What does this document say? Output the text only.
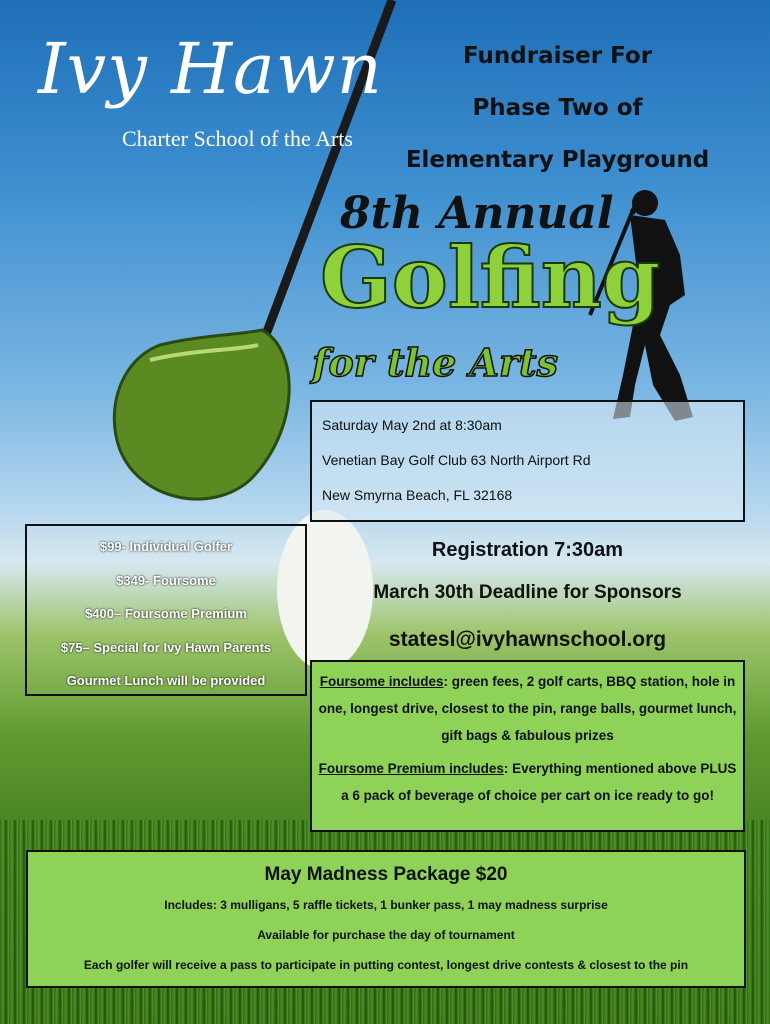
Ivy Hawn
Charter School of the Arts
Fundraiser For
Phase Two of
Elementary Playground
8th Annual
Golfing
for the Arts
Saturday May 2nd at 8:30am
Venetian Bay Golf Club 63 North Airport Rd
New Smyrna Beach, FL 32168
$99- Individual Golfer
$349- Foursome
$400– Foursome Premium
$75– Special for Ivy Hawn Parents
Gourmet Lunch will be provided
Registration 7:30am
March 30th Deadline for Sponsors
statesl@ivyhawnschool.org

Foursome includes: green fees, 2 golf carts, BBQ station, hole in one, longest drive, closest to the pin, range balls, gourmet lunch, gift bags & fabulous prizes

Foursome Premium includes: Everything mentioned above PLUS a 6 pack of beverage of choice per cart on ice ready to go!

May Madness Package $20
Includes: 3 mulligans, 5 raffle tickets, 1 bunker pass, 1 may madness surprise
Available for purchase the day of tournament
Each golfer will receive a pass to participate in putting contest, longest drive contests & closest to the pin
